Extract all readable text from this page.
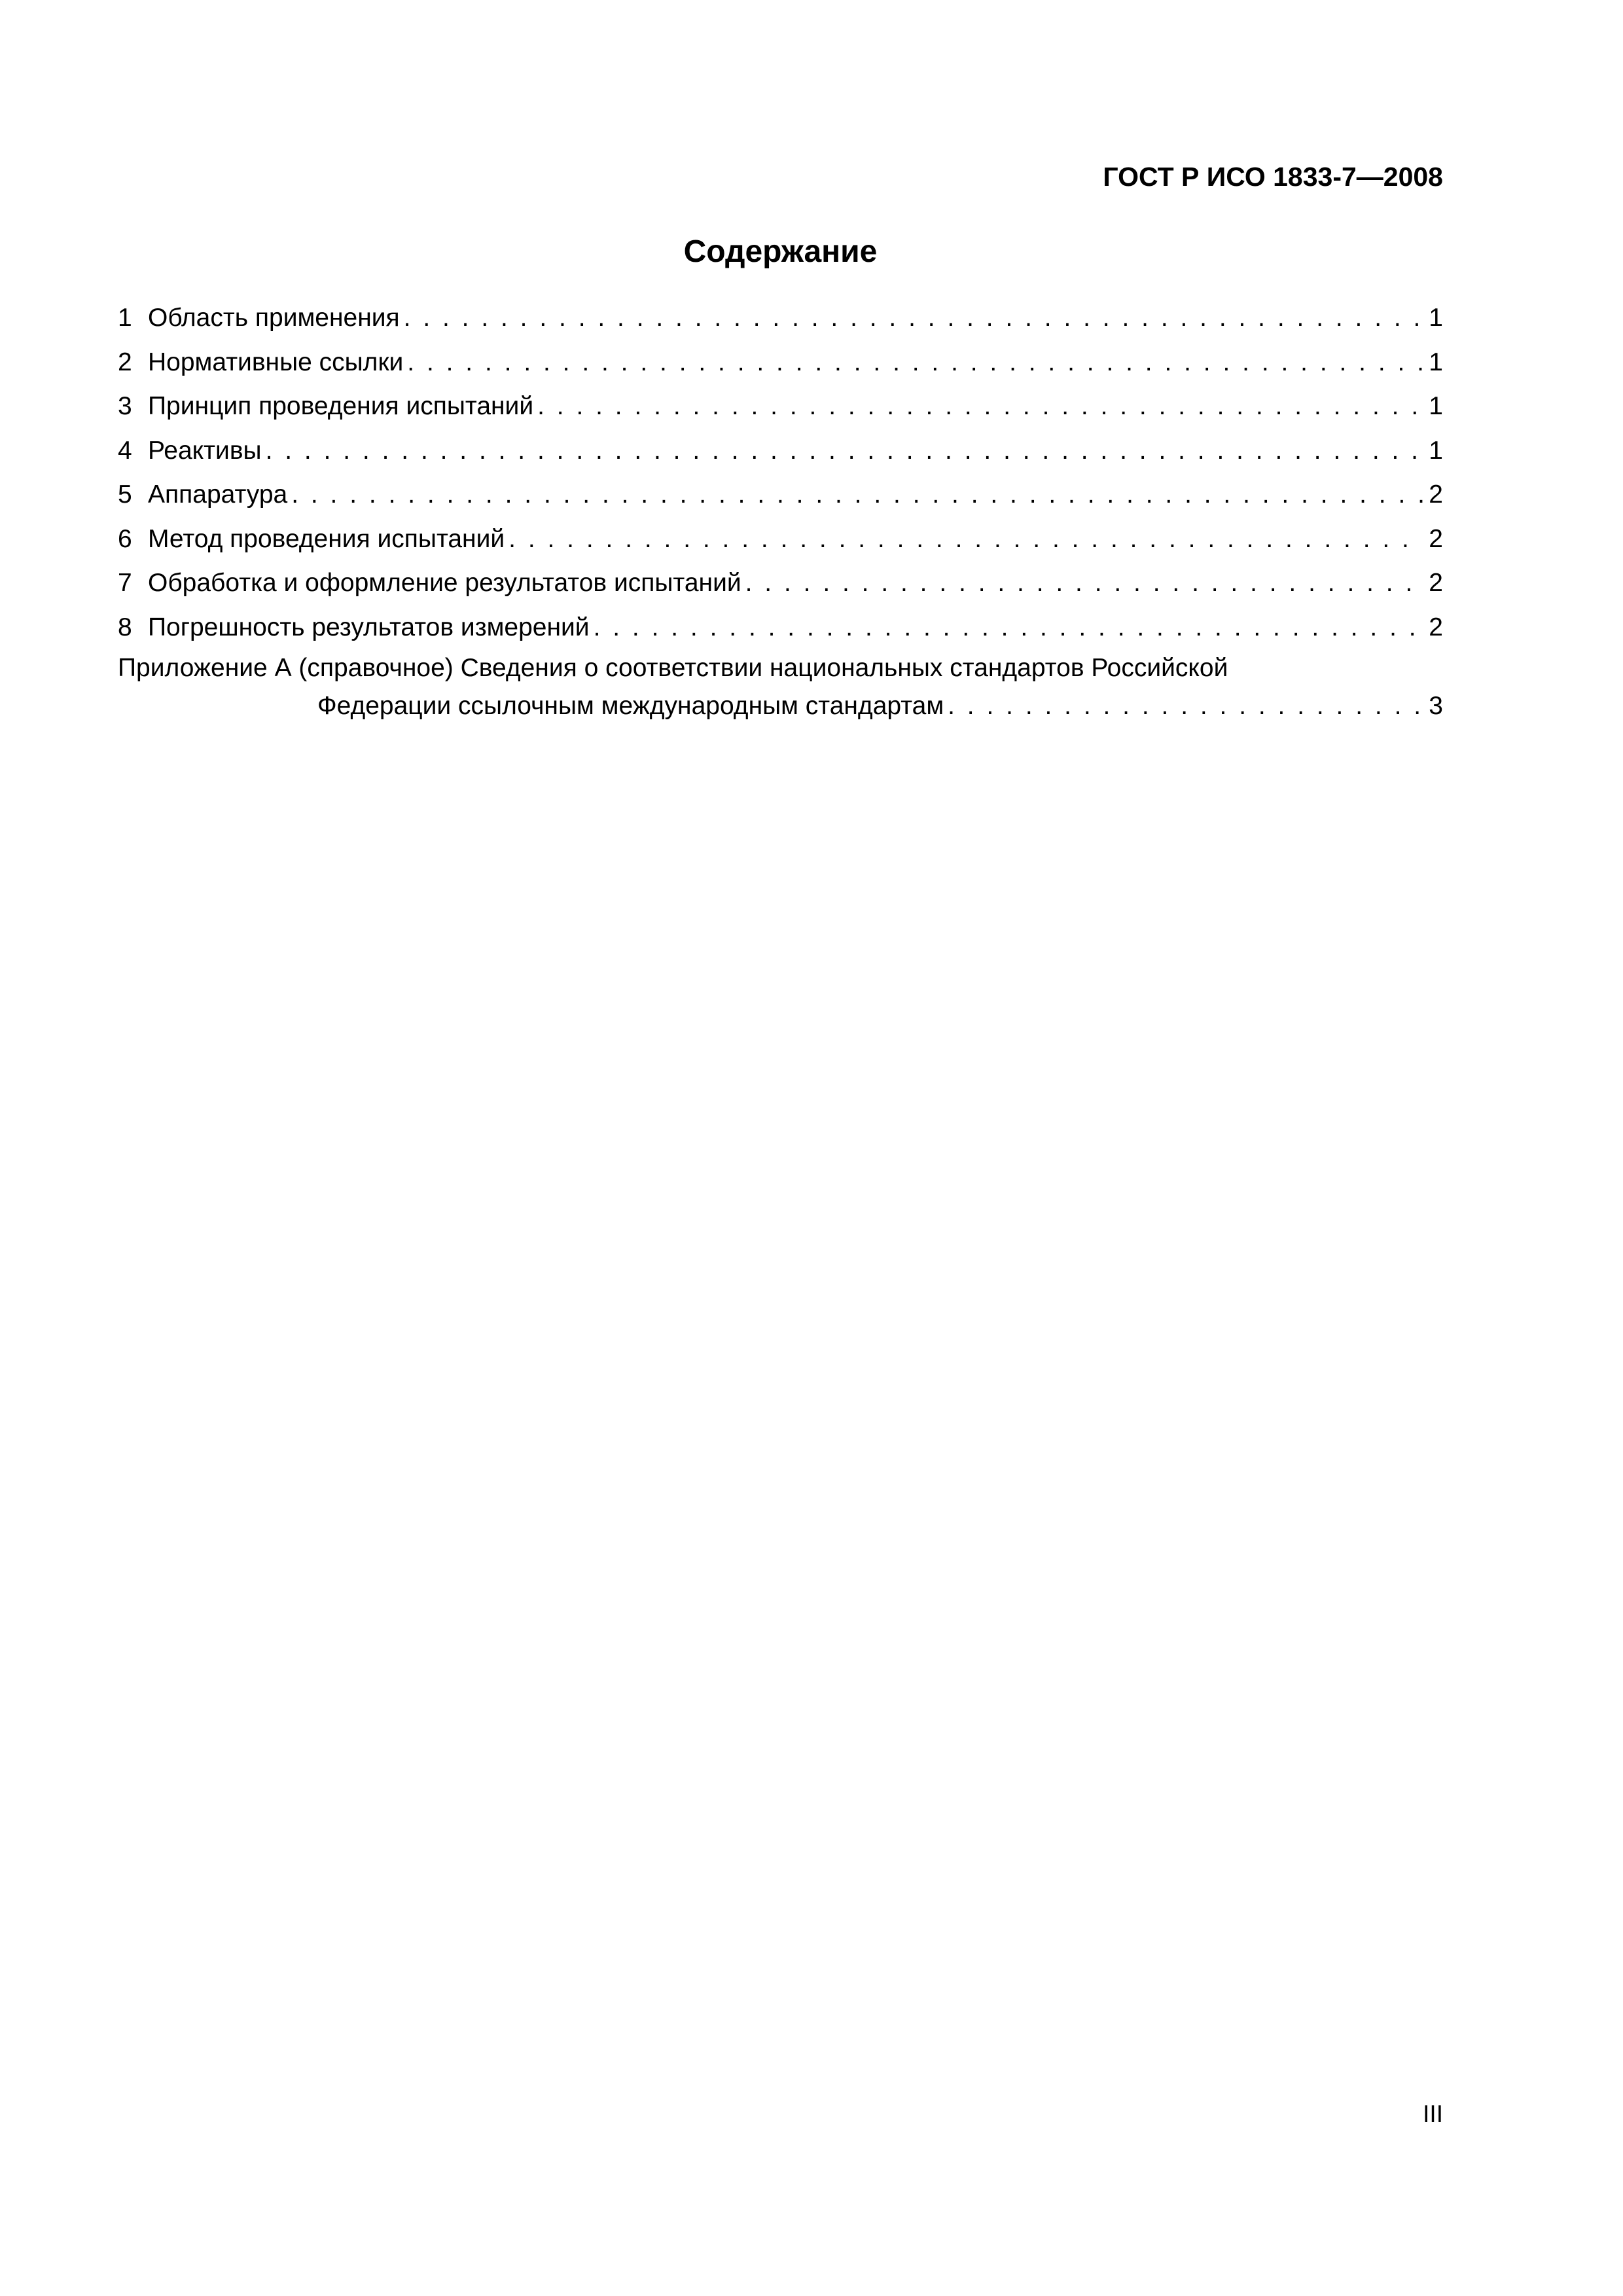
ГОСТ Р ИСО 1833-7—2008
Содержание
1 Область применения . . .	1
2 Нормативные ссылки . . .	1
3 Принцип проведения испытаний . . .	1
4 Реактивы . . .	1
5 Аппаратура . . .	2
6 Метод проведения испытаний . . .	2
7 Обработка и оформление результатов испытаний . . .	2
8 Погрешность результатов измерений . . .	2
Приложение А (справочное) Сведения о соответствии национальных стандартов Российской
Федерации ссылочным международным стандартам . . .	3
III
